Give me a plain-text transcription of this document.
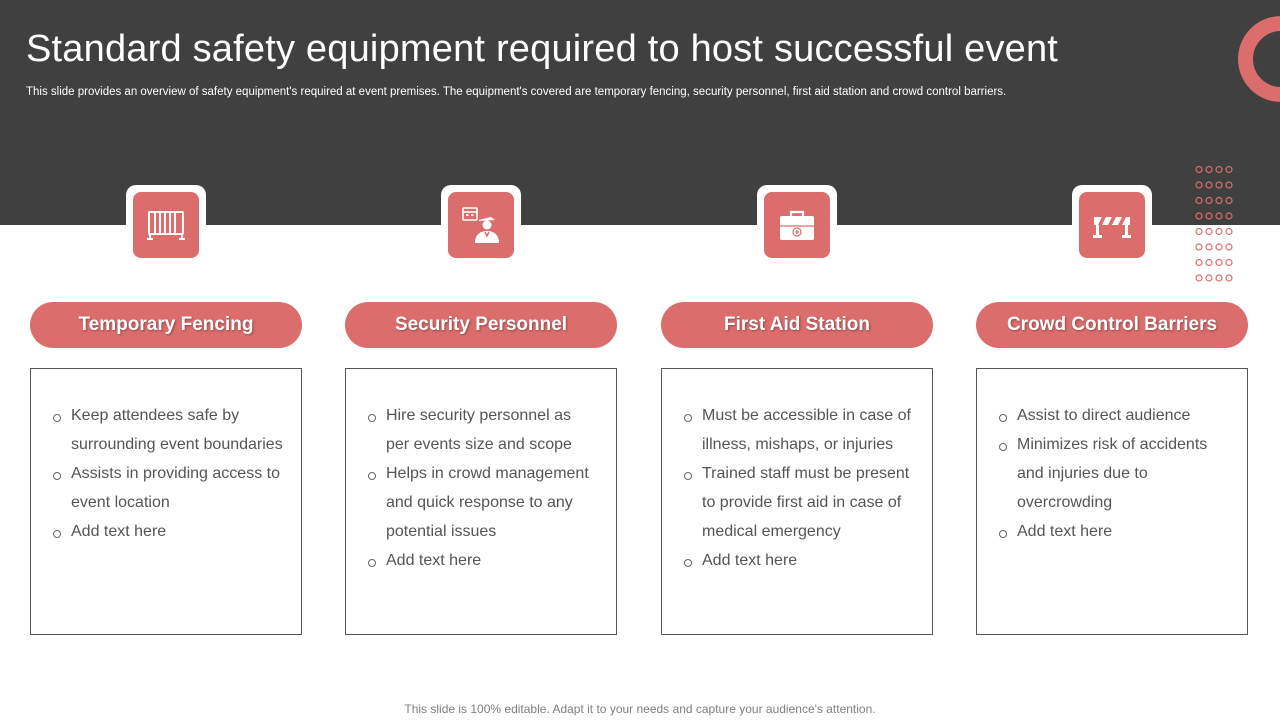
Standard safety equipment required to host successful event

This slide provides an overview of safety equipment's required at event premises. The equipment's covered are temporary fencing, security personnel, first aid station and crowd control barriers.

Temporary Fencing
Keep attendees safe by surrounding event boundaries
Assists in providing access to event location
Add text here
Security Personnel
Hire security personnel as per events size and scope
Helps in crowd management and quick response to any potential issues
Add text here
First Aid Station
Must be accessible in case of illness, mishaps, or injuries
Trained staff must be present to provide first aid in case of medical emergency
Add text here
Crowd Control Barriers
Assist to direct audience
Minimizes risk of accidents and injuries due to overcrowding
Add text here

This slide is 100% editable. Adapt it to your needs and capture your audience's attention.
